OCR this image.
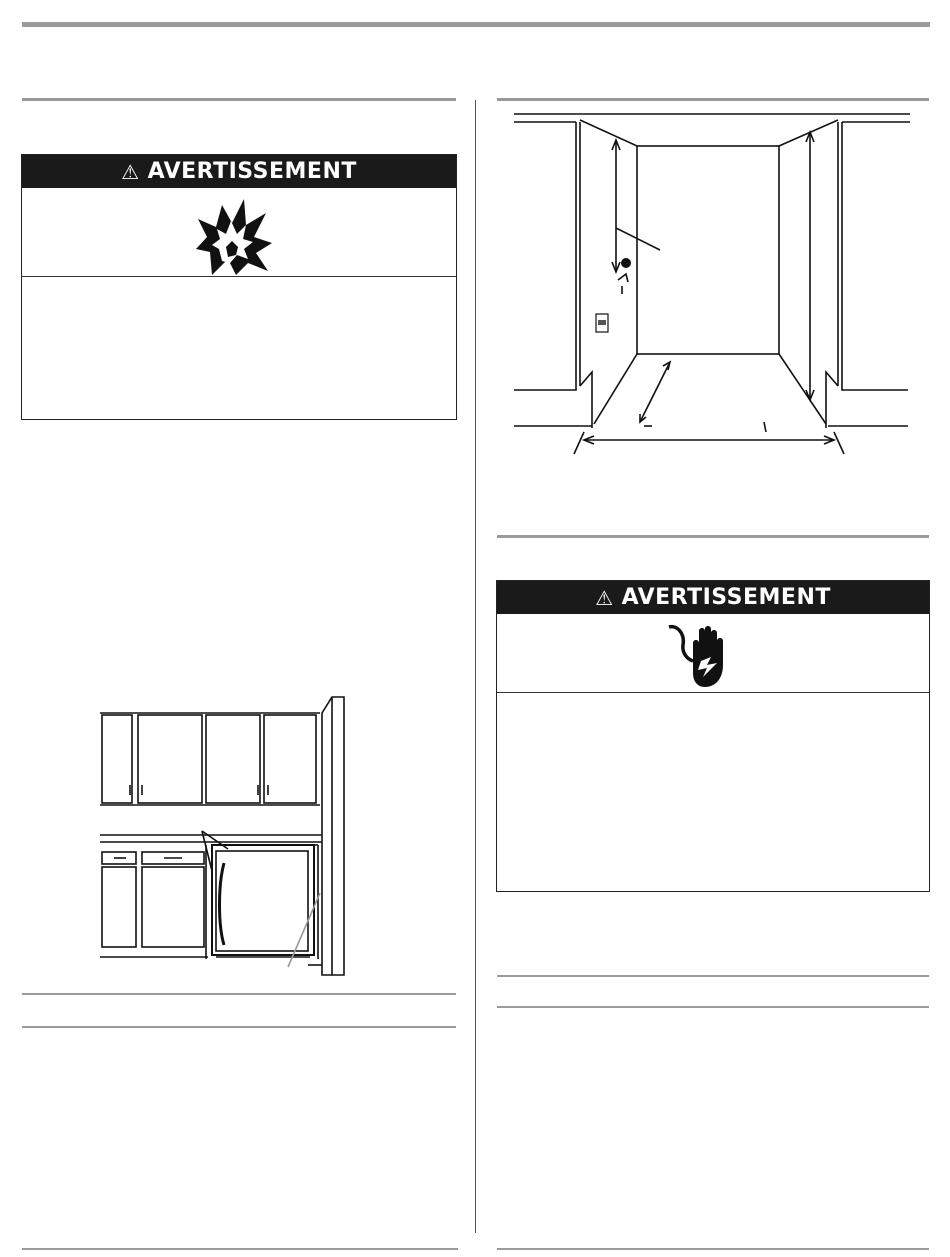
⚠ AVERTISSEMENT
⚠ AVERTISSEMENT
